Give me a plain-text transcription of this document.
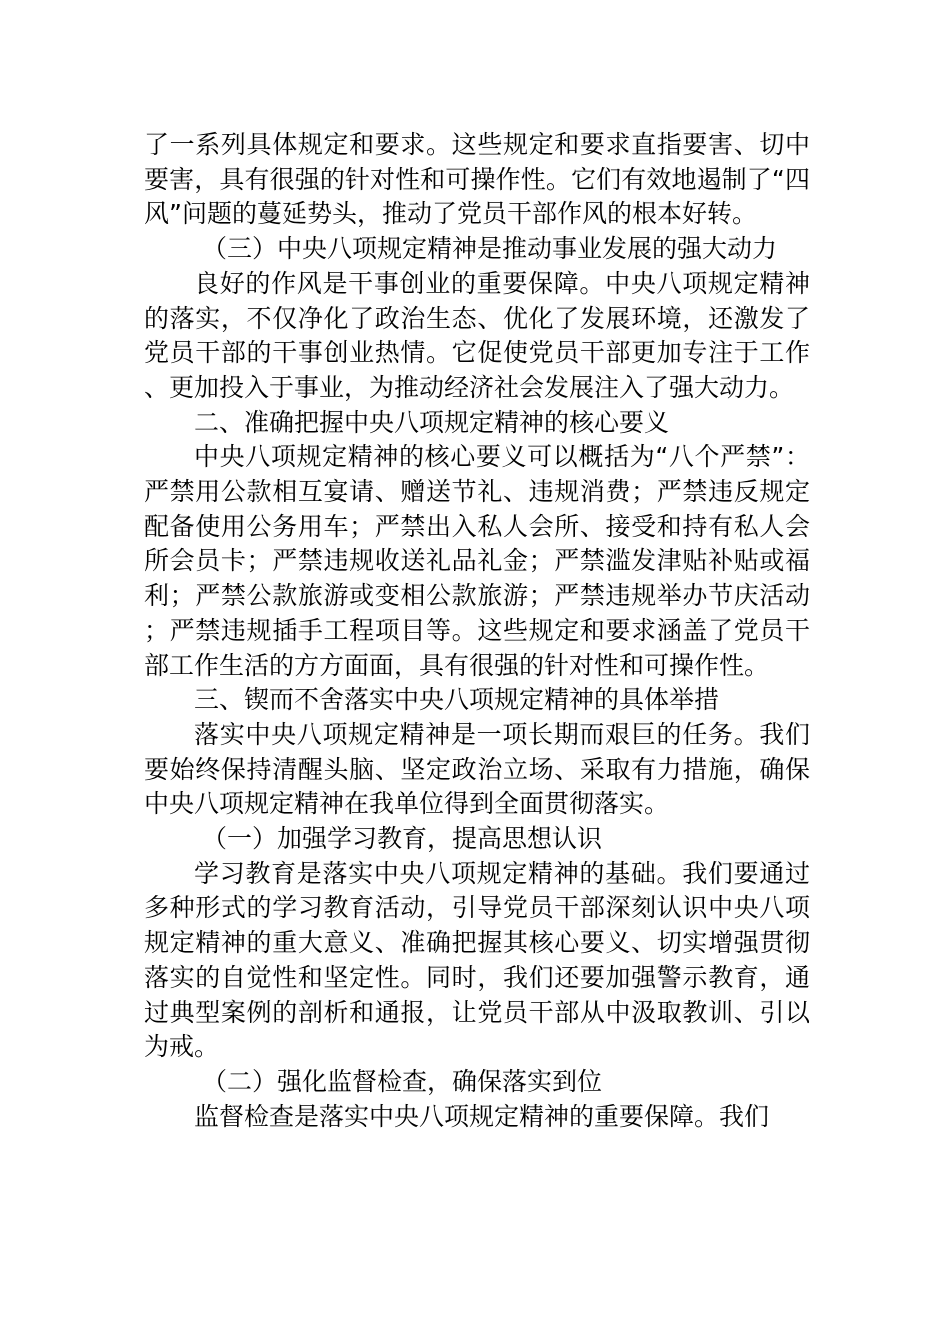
了一系列具体规定和要求。这些规定和要求直指要害、切中要害，具有很强的针对性和可操作性。它们有效地遏制了“四风”问题的蔓延势头，推动了党员干部作风的根本好转。

（三）中央八项规定精神是推动事业发展的强大动力

良好的作风是干事创业的重要保障。中央八项规定精神的落实，不仅净化了政治生态、优化了发展环境，还激发了党员干部的干事创业热情。它促使党员干部更加专注于工作、更加投入于事业，为推动经济社会发展注入了强大动力。

二、准确把握中央八项规定精神的核心要义

中央八项规定精神的核心要义可以概括为“八个严禁”：严禁用公款相互宴请、赠送节礼、违规消费；严禁违反规定配备使用公务用车；严禁出入私人会所、接受和持有私人会所会员卡；严禁违规收送礼品礼金；严禁滥发津贴补贴或福利；严禁公款旅游或变相公款旅游；严禁违规举办节庆活动；严禁违规插手工程项目等。这些规定和要求涵盖了党员干部工作生活的方方面面，具有很强的针对性和可操作性。

三、锲而不舍落实中央八项规定精神的具体举措

落实中央八项规定精神是一项长期而艰巨的任务。我们要始终保持清醒头脑、坚定政治立场、采取有力措施，确保中央八项规定精神在我单位得到全面贯彻落实。

（一）加强学习教育，提高思想认识

学习教育是落实中央八项规定精神的基础。我们要通过多种形式的学习教育活动，引导党员干部深刻认识中央八项规定精神的重大意义、准确把握其核心要义、切实增强贯彻落实的自觉性和坚定性。同时，我们还要加强警示教育，通过典型案例的剖析和通报，让党员干部从中汲取教训、引以为戒。

（二）强化监督检查，确保落实到位

监督检查是落实中央八项规定精神的重要保障。我们
